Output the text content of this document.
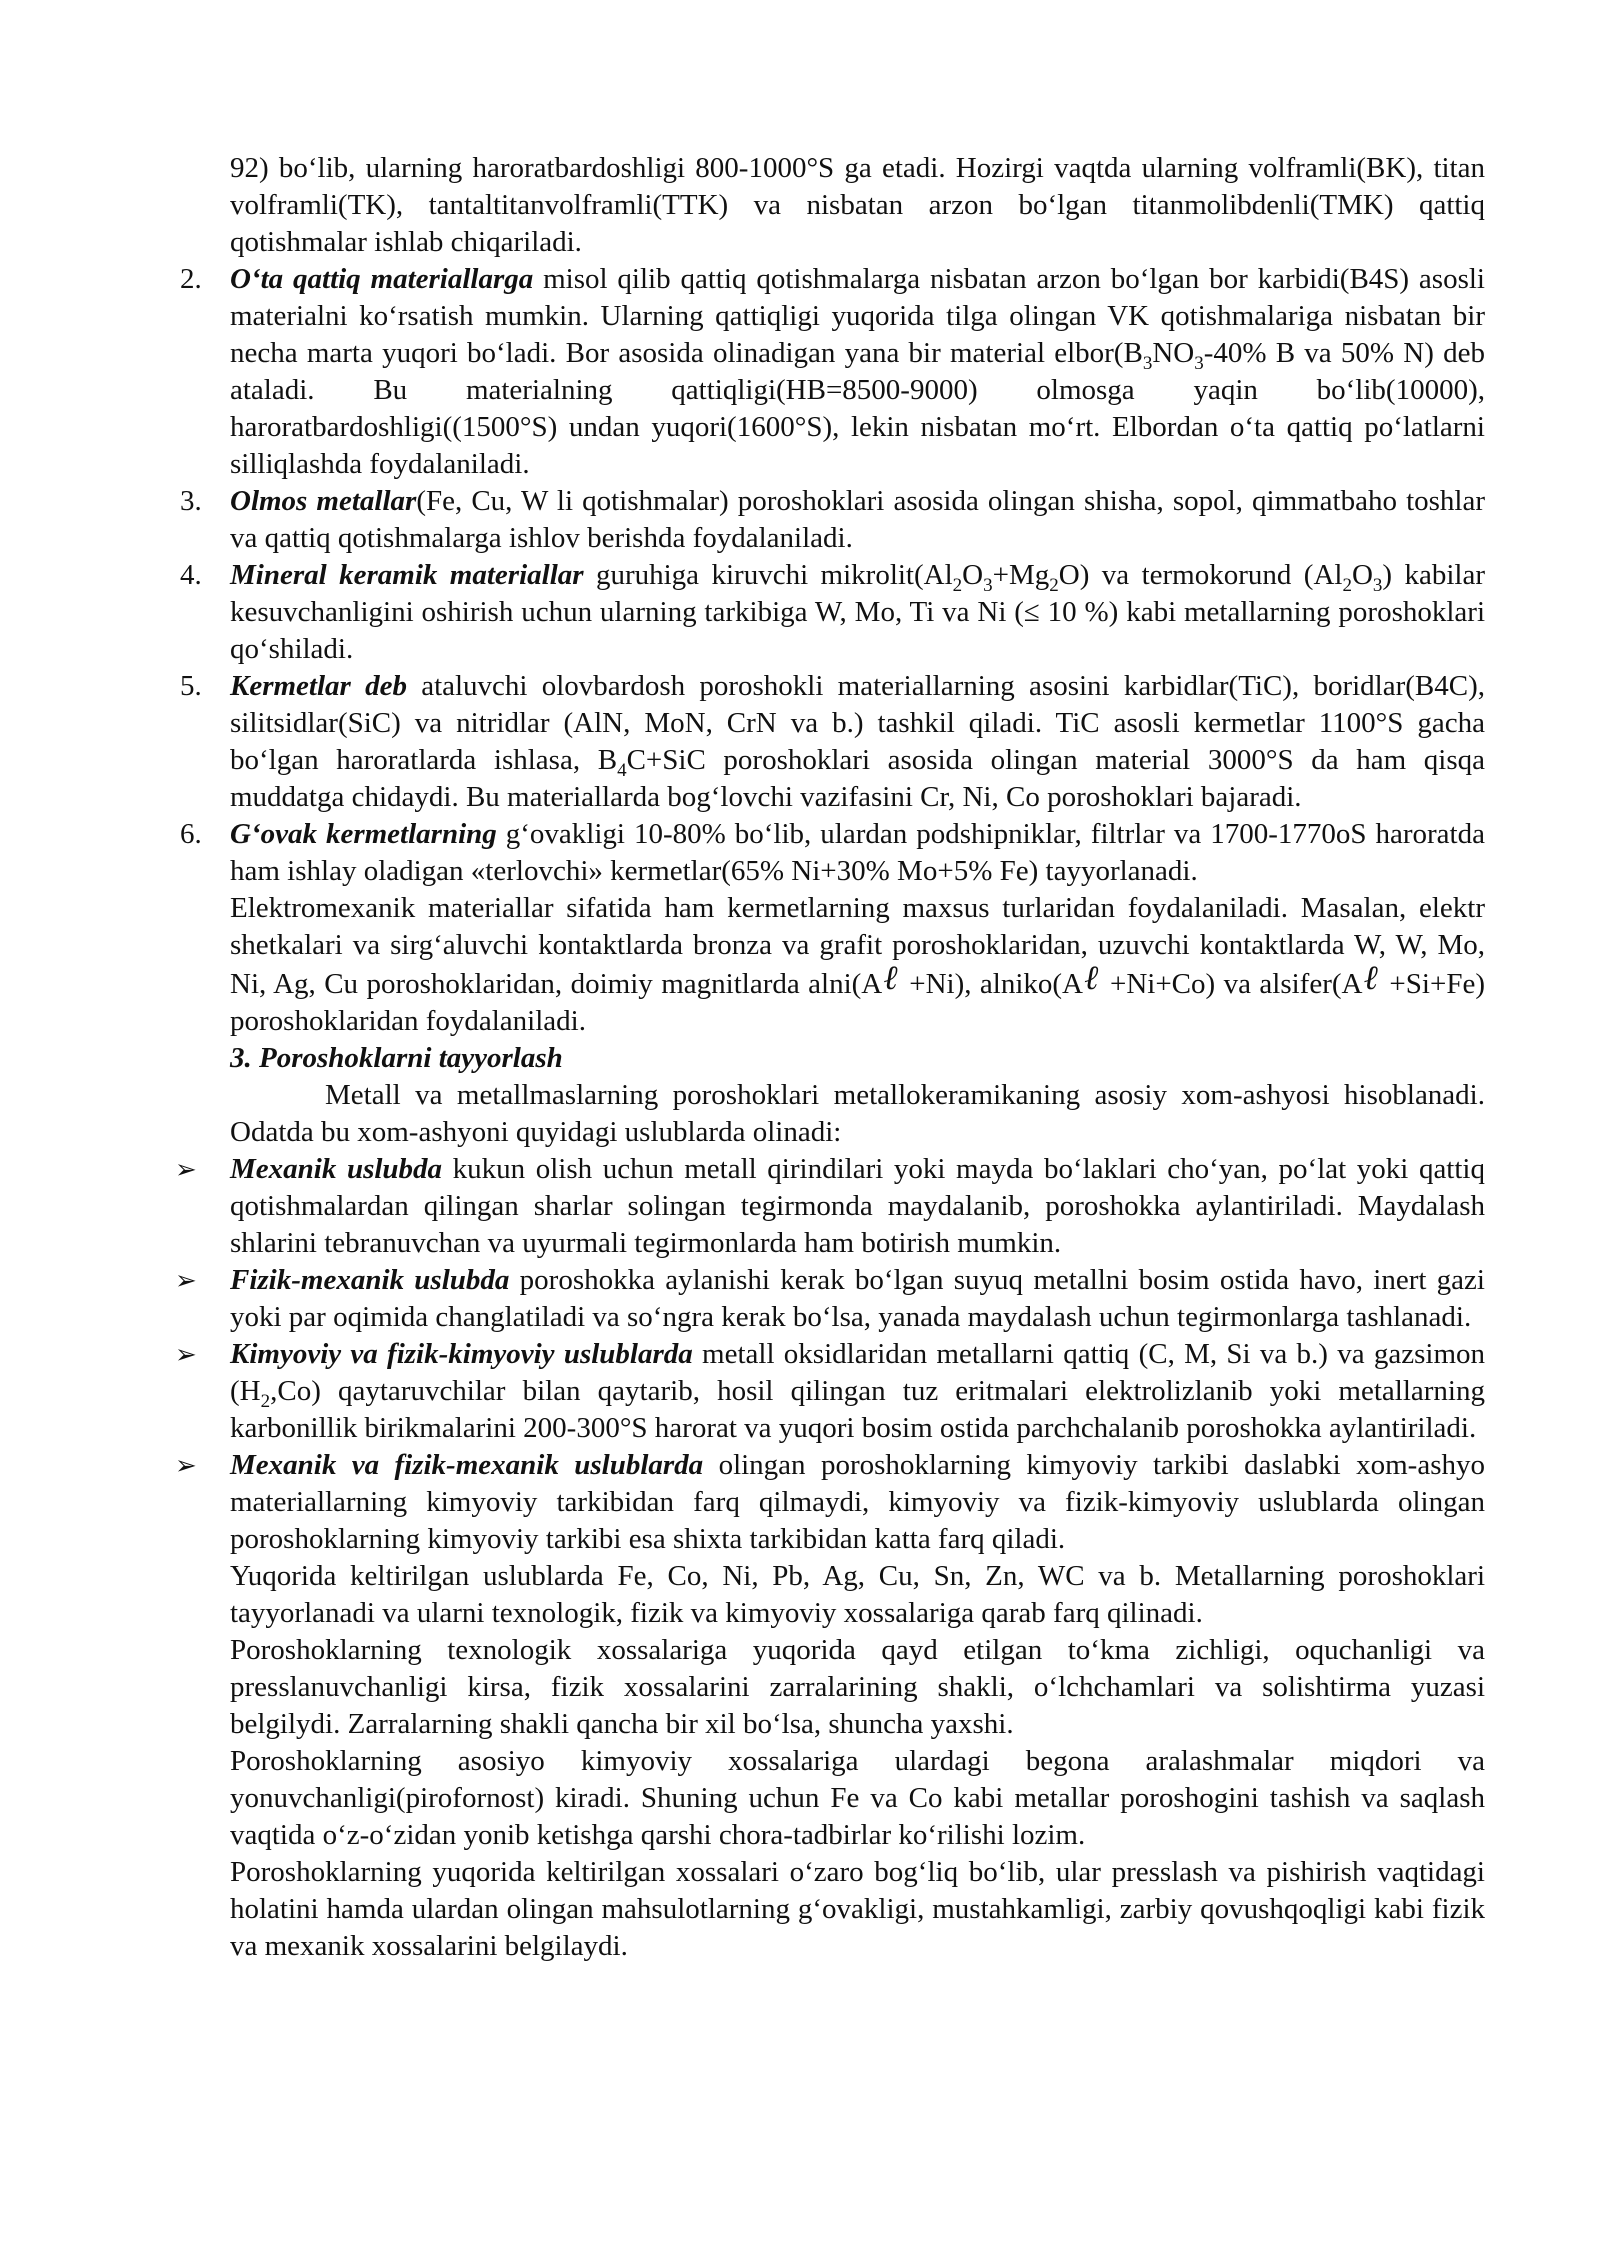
92) bo‘lib, ularning haroratbardoshligi 800-1000°S ga etadi. Hozirgi vaqtda ularning volframli(BK), titan volframli(TK), tantaltitanvolframli(TTK) va nisbatan arzon bo‘lgan titanmolibdenli(TMK) qattiq qotishmalar ishlab chiqariladi.

2. O‘ta qattiq materiallarga misol qilib qattiq qotishmalarga nisbatan arzon bo‘lgan bor karbidi(B4S) asosli materialni ko‘rsatish mumkin. Ularning qattiqligi yuqorida tilga olingan VK qotishmalariga nisbatan bir necha marta yuqori bo‘ladi. Bor asosida olinadigan yana bir material $elbor(B_3NO_3-40\%$ B va 50% N) deb ataladi. Bu materialning qattiqligi(HB=8500-9000) olmosga yaqin bo‘lib(10000), haroratbardoshligi((1500°S) undan yuqori(1600°S), lekin nisbatan mo‘rt. Elbordan o‘ta qattiq po‘latlarni silliqlashda foydalaniladi.

3. Olmos metallar(Fe, Cu, W li qotishmalar) poroshoklari asosida olingan shisha, sopol, qimmatbaho toshlar va qattiq qotishmalarga ishlov berishda foydalaniladi.

4. Mineral keramik materiallar guruhiga kiruvchi $mikrolit(Al_2O_3+Mg_2O)$ va termokorund $(Al_2O_3)$ kabilar kesuvchanligini oshirish uchun ularning tarkibiga W, Mo, Ti va Ni (≤ 10 %) kabi metallarning poroshoklari qo‘shiladi.

5. Kermetlar deb ataluvchi olovbardosh poroshokli materiallarning asosini karbidlar(TiC), boridlar(B4C), silitsidlar(SiC) va nitridlar (AlN, MoN, CrN va b.) tashkil qiladi. TiC asosli kermetlar 1100°S gacha bo‘lgan haroratlarda ishlasa, $B_4C+SiC$ poroshoklari asosida olingan material 3000°S da ham qisqa muddatga chidaydi. Bu materiallarda bog‘lovchi vazifasini Cr, Ni, Co poroshoklari bajaradi.

6. G‘ovak kermetlarning g‘ovakligi 10-80% bo‘lib, ulardan podshipniklar, filtrlar va 1700-1770oS haroratda ham ishlay oladigan «terlovchi» kermetlar(65% Ni+30% Mo+5% Fe) tayyorlanadi.

Elektromexanik materiallar sifatida ham kermetlarning maxsus turlaridan foydalaniladi. Masalan, elektr shetkalari va sirg‘aluvchi kontaktlarda bronza va grafit poroshoklaridan, uzuvchi kontaktlarda W, W, Mo, Ni, Ag, Cu poroshoklaridan, doimiy magnitlarda alni(Aℓ +Ni), alniko(Aℓ +Ni+Co) va alsifer(Aℓ +Si+Fe) poroshoklaridan foydalaniladi.

3. Poroshoklarni tayyorlash

Metall va metallmaslarning poroshoklari metallokeramikaning asosiy xom-ashyosi hisoblanadi. Odatda bu xom-ashyoni quyidagi uslublarda olinadi:

➢ Mexanik uslubda kukun olish uchun metall qirindilari yoki mayda bo‘laklari cho‘yan, po‘lat yoki qattiq qotishmalardan qilingan sharlar solingan tegirmonda maydalanib, poroshokka aylantiriladi. Maydalash shlarini tebranuvchan va uyurmali tegirmonlarda ham botirish mumkin.

➢ Fizik-mexanik uslubda poroshokka aylanishi kerak bo‘lgan suyuq metallni bosim ostida havo, inert gazi yoki par oqimida changlatiladi va so‘ngra kerak bo‘lsa, yanada maydalash uchun tegirmonlarga tashlanadi.

➢ Kimyoviy va fizik-kimyoviy uslublarda metall oksidlaridan metallarni qattiq (C, M, Si va b.) va gazsimon $(H_2,Co)$ qaytaruvchilar bilan qaytarib, hosil qilingan tuz eritmalari elektrolizlanib yoki metallarning karbonillik birikmalarini 200-300°S harorat va yuqori bosim ostida parchchalanib poroshokka aylantiriladi.

➢ Mexanik va fizik-mexanik uslublarda olingan poroshoklarning kimyoviy tarkibi daslabki xom-ashyo materiallarning kimyoviy tarkibidan farq qilmaydi, kimyoviy va fizik-kimyoviy uslublarda olingan poroshoklarning kimyoviy tarkibi esa shixta tarkibidan katta farq qiladi.

Yuqorida keltirilgan uslublarda Fe, Co, Ni, Pb, Ag, Cu, Sn, Zn, WC va b. Metallarning poroshoklari tayyorlanadi va ularni texnologik, fizik va kimyoviy xossalariga qarab farq qilinadi.

Poroshoklarning texnologik xossalariga yuqorida qayd etilgan to‘kma zichligi, oquchanligi va presslanuvchanligi kirsa, fizik xossalarini zarralarining shakli, o‘lchchamlari va solishtirma yuzasi belgilydi. Zarralarning shakli qancha bir xil bo‘lsa, shuncha yaxshi.

Poroshoklarning asosiyo kimyoviy xossalariga ulardagi begona aralashmalar miqdori va yonuvchanligi(pirofornost) kiradi. Shuning uchun Fe va Co kabi metallar poroshogini tashish va saqlash vaqtida o‘z-o‘zidan yonib ketishga qarshi chora-tadbirlar ko‘rilishi lozim.

Poroshoklarning yuqorida keltirilgan xossalari o‘zaro bog‘liq bo‘lib, ular presslash va pishirish vaqtidagi holatini hamda ulardan olingan mahsulotlarning g‘ovakligi, mustahkamligi, zarbiy qovushqoqligi kabi fizik va mexanik xossalarini belgilaydi.
